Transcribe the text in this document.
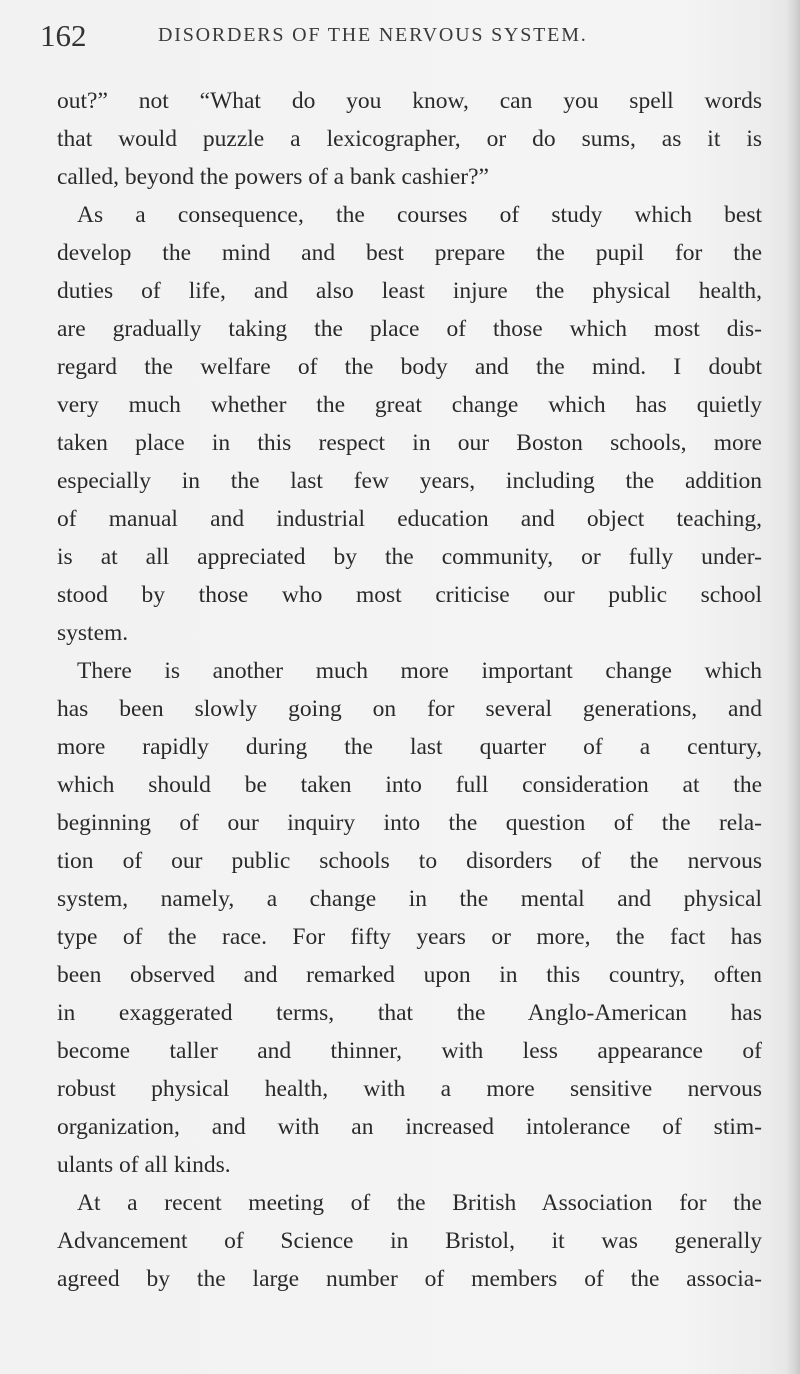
162	DISORDERS OF THE NERVOUS SYSTEM.
out?” not “What do you know, can you spell words
that would puzzle a lexicographer, or do sums, as it is
called, beyond the powers of a bank cashier?”
As a consequence, the courses of study which best
develop the mind and best prepare the pupil for the
duties of life, and also least injure the physical health,
are gradually taking the place of those which most dis-
regard the welfare of the body and the mind. I doubt
very much whether the great change which has quietly
taken place in this respect in our Boston schools, more
especially in the last few years, including the addition
of manual and industrial education and object teaching,
is at all appreciated by the community, or fully under-
stood by those who most criticise our public school
system.
There is another much more important change which
has been slowly going on for several generations, and
more rapidly during the last quarter of a century,
which should be taken into full consideration at the
beginning of our inquiry into the question of the rela-
tion of our public schools to disorders of the nervous
system, namely, a change in the mental and physical
type of the race. For fifty years or more, the fact has
been observed and remarked upon in this country, often
in exaggerated terms, that the Anglo-American has
become taller and thinner, with less appearance of
robust physical health, with a more sensitive nervous
organization, and with an increased intolerance of stim-
ulants of all kinds.
At a recent meeting of the British Association for the
Advancement of Science in Bristol, it was generally
agreed by the large number of members of the associa-
